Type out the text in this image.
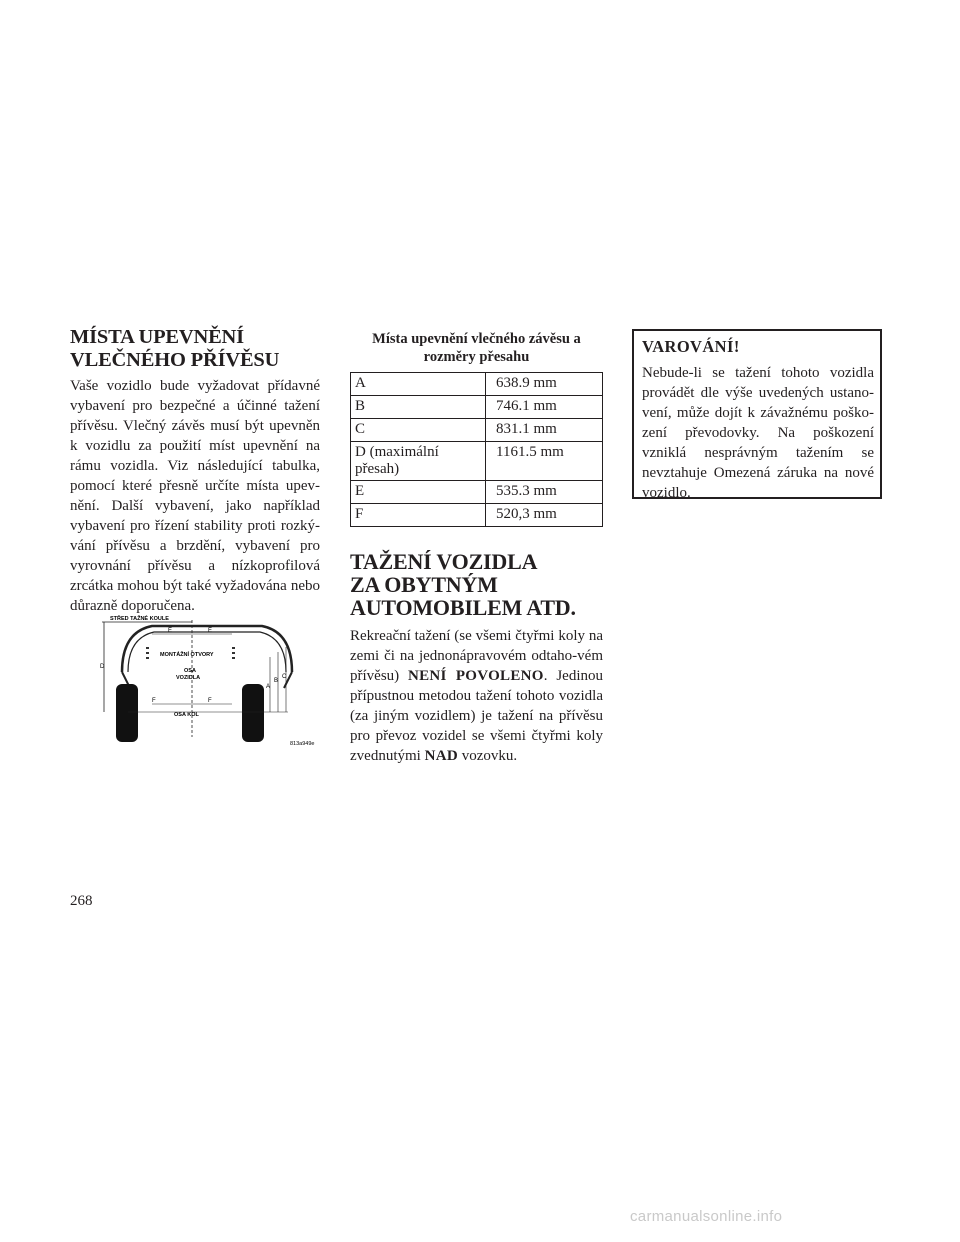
MÍSTA UPEVNĚNÍ
VLEČNÉHO PŘÍVĚSU

Vaše vozidlo bude vyžadovat přídavné vybavení pro bezpečné a účinné tažení přívěsu. Vlečný závěs musí být upevněn k vozidlu za použití míst upevnění na rámu vozidla. Viz následující tabulka, pomocí které přesně určíte místa upev-nění. Další vybavení, jako například vybavení pro řízení stability proti rozký-vání přívěsu a brzdění, vybavení pro vyrovnání přívěsu a nízkoprofilová zrcátka mohou být také vyžadována nebo důrazně doporučena.

STŘED TAŽNÉ KOULE
MONTÁŽNÍ OTVORY
OSA
VOZIDLA
OSA KOL
D
E	E
F	F
A
B
C
813a949e
Místa upevnění vlečného závěsu a rozměry přesahu	
A	638.9 mm
B	746.1 mm
C	831.1 mm
D (maximální přesah)	1161.5 mm
E	535.3 mm
F	520,3 mm
TAŽENÍ VOZIDLA
ZA OBYTNÝM
AUTOMOBILEM ATD.

Rekreační tažení (se všemi čtyřmi koly na zemi či na jednonápravovém odtaho-vém přívěsu) NENÍ POVOLENO. Jedinou přípustnou metodou tažení tohoto vozidla (za jiným vozidlem) je tažení na přívěsu pro převoz vozidel se všemi čtyřmi koly zvednutými NAD vozovku.

VAROVÁNÍ!

Nebude-li se tažení tohoto vozidla provádět dle výše uvedených ustano-vení, může dojít k závažnému poško-zení převodovky. Na poškození vzniklá nesprávným tažením se nevztahuje Omezená záruka na nové vozidlo.

268
carmanualsonline.info
